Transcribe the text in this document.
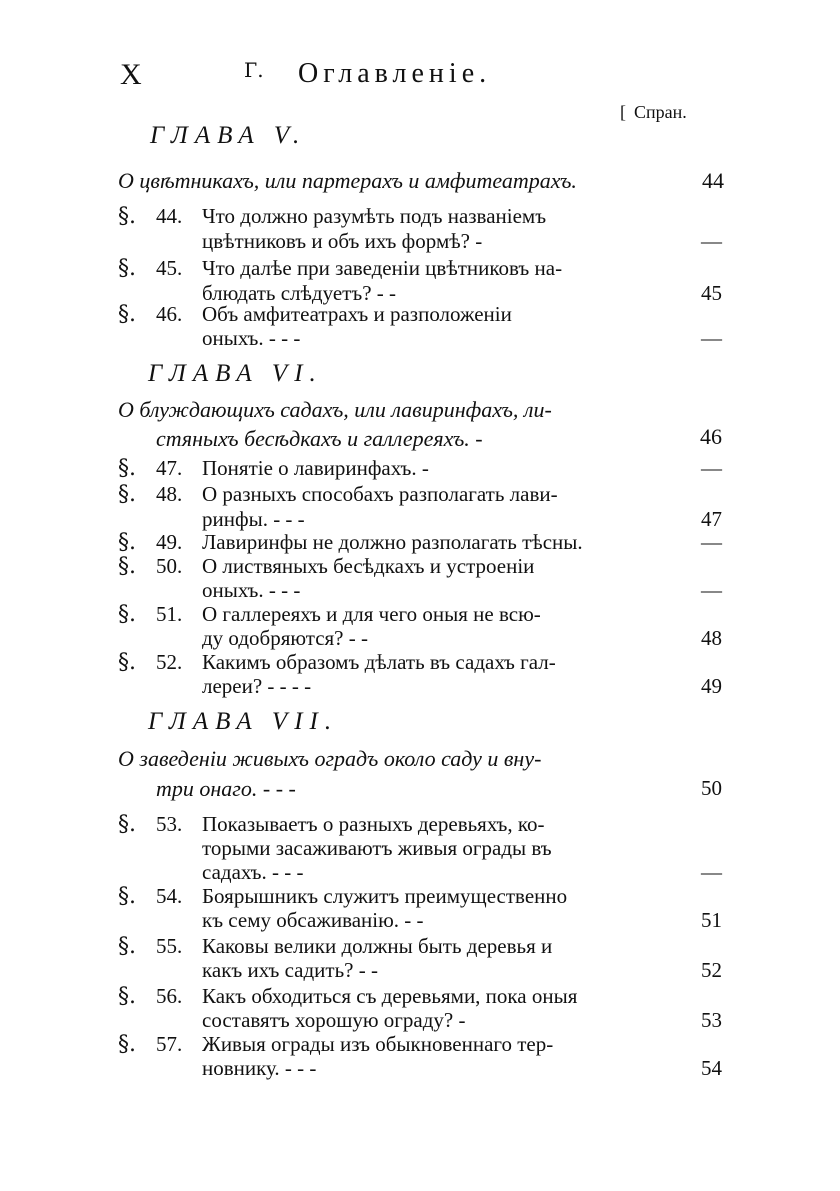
X	Г. Оглавленie.
[ Спран.
ГЛАВА V.
О цвѣтникахъ, или партерахъ и амфитеатрахъ.	44
§. 44. Что должно разумѣть подъ названiемъ
цвѣтниковъ и объ ихъ формѣ? -	—
§. 45. Что далѣе при заведенiи цвѣтниковъ на-
блюдать слѣдуетъ? - -	45
§. 46. Объ амфитеатрахъ и разположенiи
оныхъ. - - -	—
ГЛАВА VI.
О блуждающихъ садахъ, или лавиринфахъ, ли-
стяныхъ бесѣдкахъ и галлереяхъ. -	46
§. 47. Понятiе о лавиринфахъ. -	—
§. 48. О разныхъ способахъ разполагать лави-
ринфы. - - -	47
§. 49. Лавиринфы не должно разполагать тѣсны.	—
§. 50. О листвяныхъ бесѣдкахъ и устроенiи
оныхъ. - - -	—
§. 51. О галлереяхъ и для чего оныя не всю-
ду одобряются? - -	48
§. 52. Какимъ образомъ дѣлать въ садахъ гал-
лереи? - - - -	49
ГЛАВА VII.
О заведенiи живыхъ оградъ около саду и вну-
три онаго. - - -	50
§. 53. Показываетъ о разныхъ деревьяхъ, ко-
торыми засаживаютъ живыя ограды въ
садахъ. - - -	—
§. 54. Боярышникъ служитъ преимущественно
къ сему обсаживанiю. - -	51
§. 55. Каковы велики должны быть деревья и
какъ ихъ садить? - -	52
§. 56. Какъ обходиться съ деревьями, пока оныя
составятъ хорошую ограду? -	53
§. 57. Живыя ограды изъ обыкновеннаго тер-
новнику. - - -	54
